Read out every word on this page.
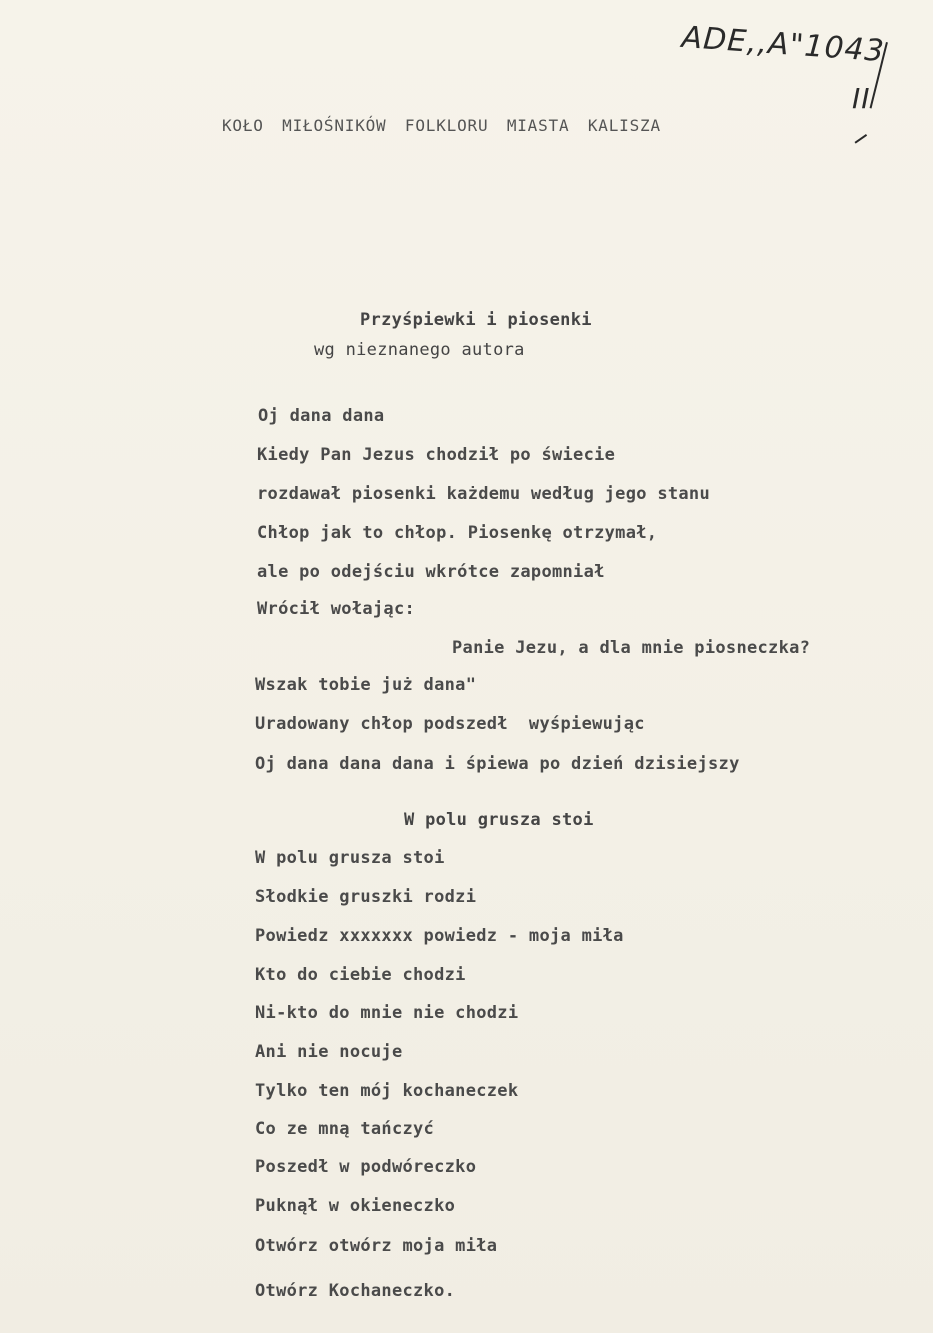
ADE,,A"1043
II
KOŁO MIŁOŚNIKÓW FOLKLORU MIASTA KALISZA
Przyśpiewki i piosenki
wg nieznanego autora
Oj dana dana
Kiedy Pan Jezus chodził po świecie
rozdawał piosenki każdemu według jego stanu
Chłop jak to chłop. Piosenkę otrzymał,
ale po odejściu wkrótce zapomniał
Wrócił wołając:
Panie Jezu, a dla mnie piosneczka?
Wszak tobie już dana"
Uradowany chłop podszedł  wyśpiewując
Oj dana dana dana i śpiewa po dzień dzisiejszy
W polu grusza stoi
W polu grusza stoi
Słodkie gruszki rodzi
Powiedz xxxxxxx powiedz - moja miła
Kto do ciebie chodzi
Ni-kto do mnie nie chodzi
Ani nie nocuje
Tylko ten mój kochaneczek
Co ze mną tańczyć
Poszedł w podwóreczko
Puknął w okieneczko
Otwórz otwórz moja miła
Otwórz Kochaneczko.
